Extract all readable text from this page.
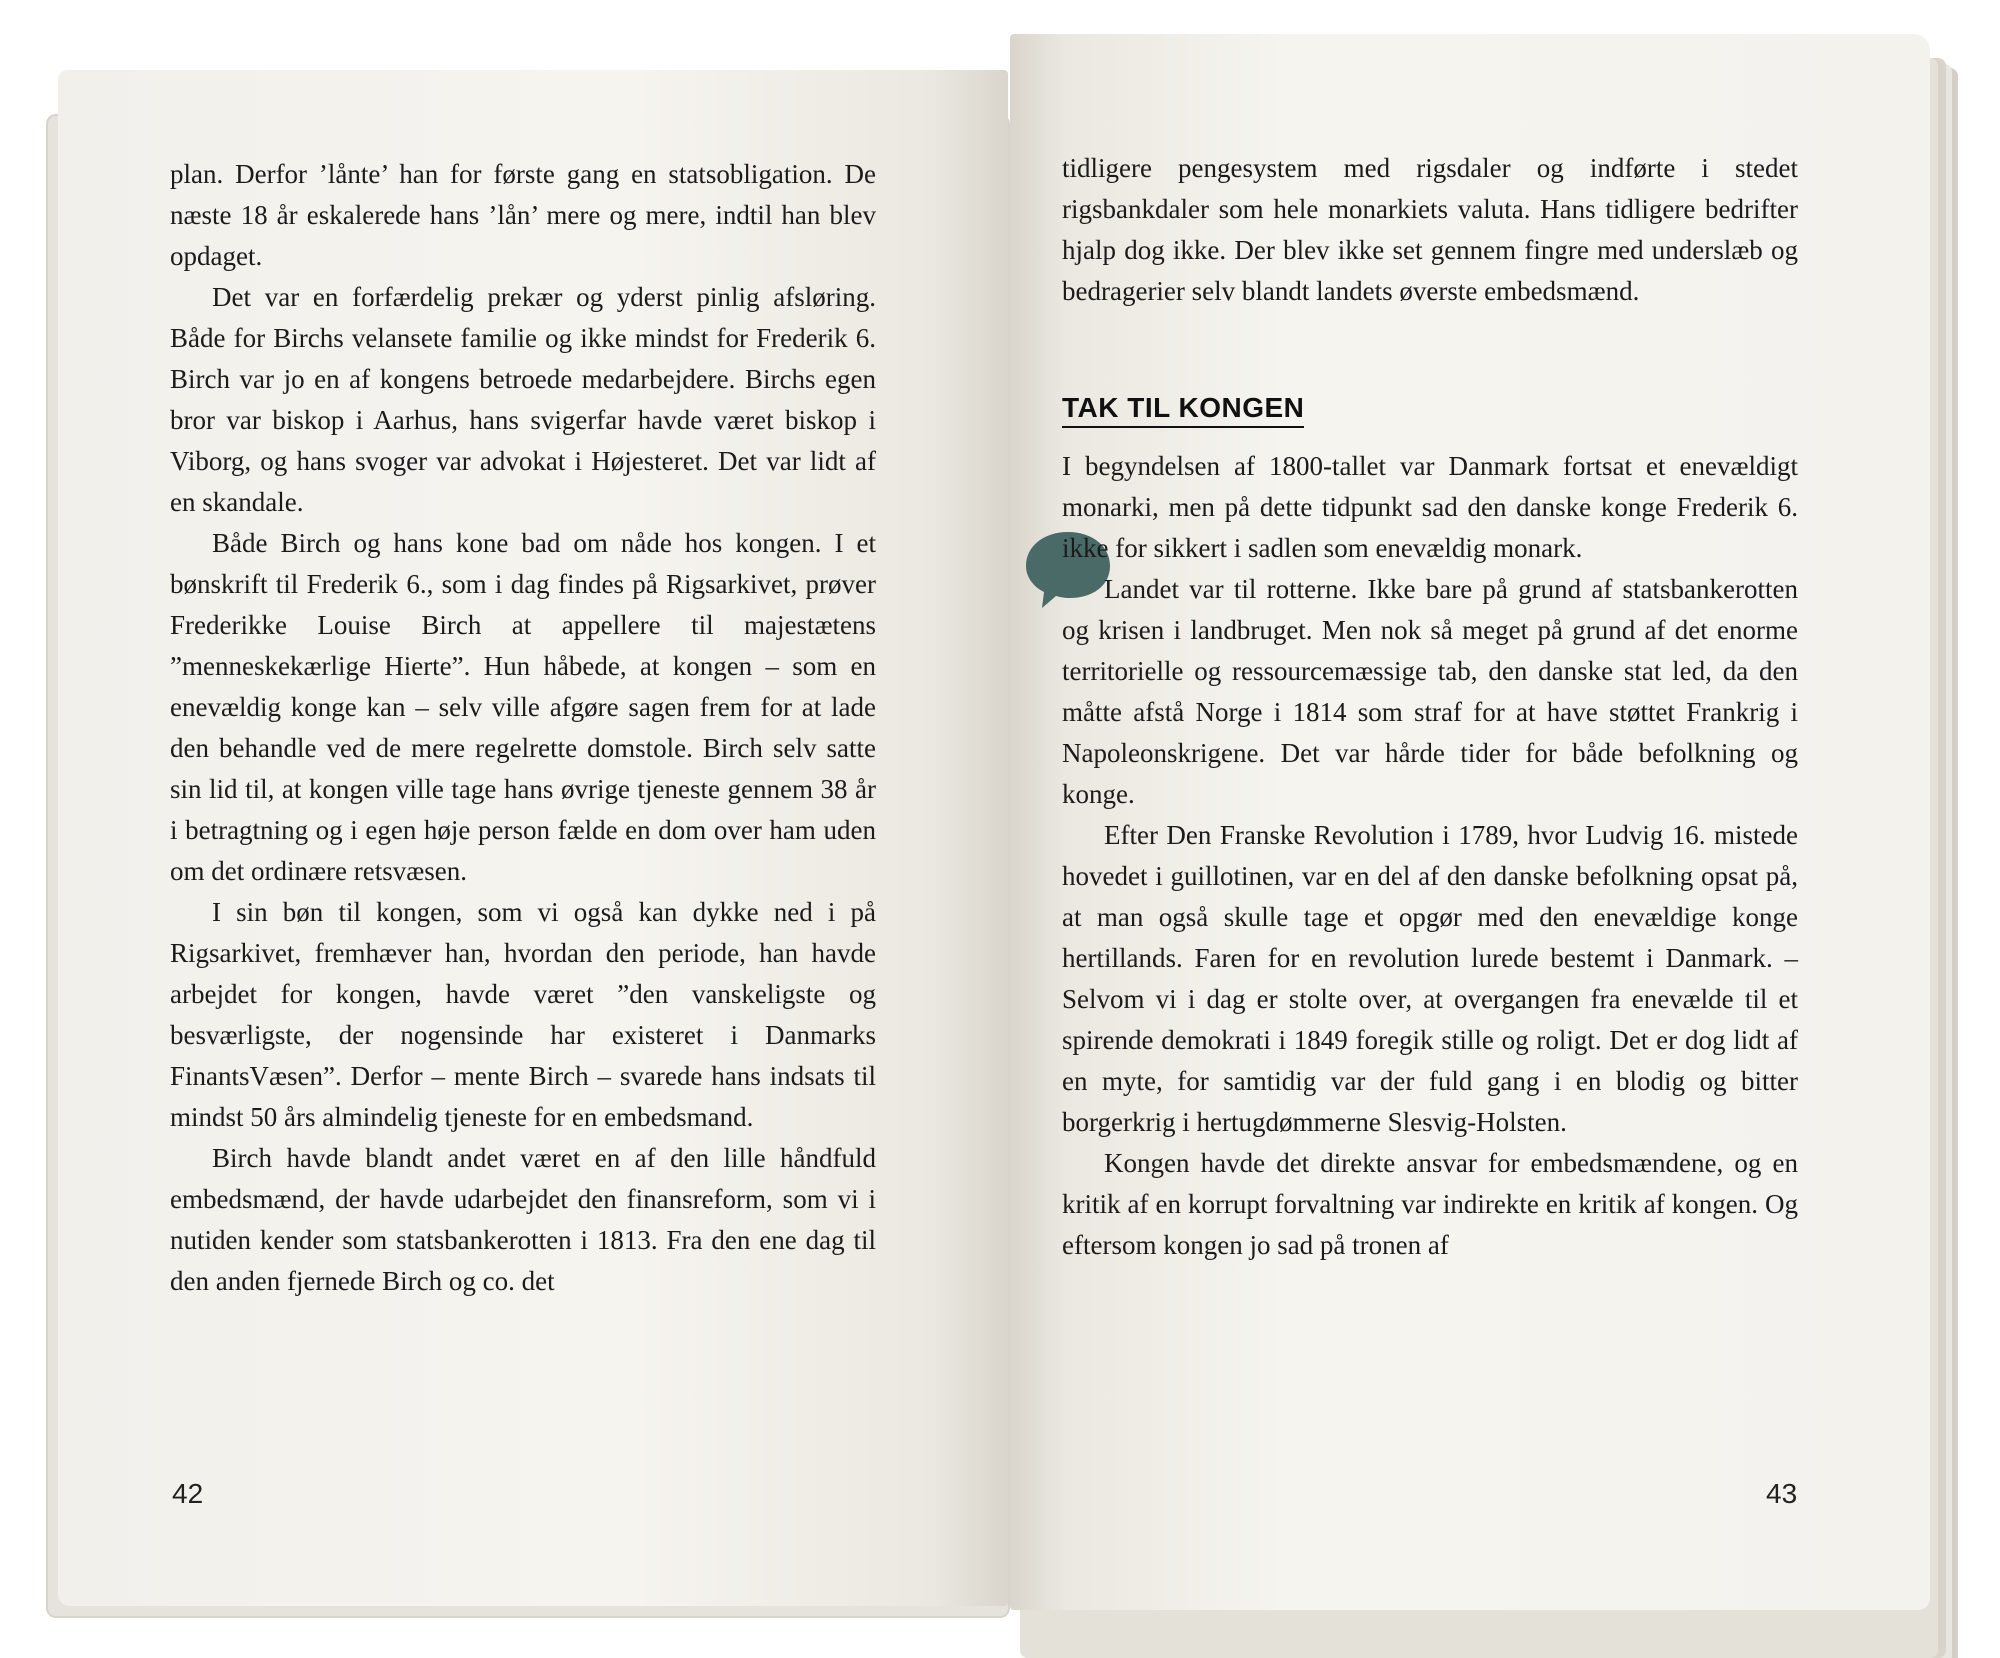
plan. Derfor ’lånte’ han for første gang en statsobligation. De næste 18 år eskalerede hans ’lån’ mere og mere, indtil han blev opdaget.

Det var en forfærdelig prekær og yderst pinlig afsløring. Både for Birchs velansete familie og ikke mindst for Frederik 6. Birch var jo en af kongens betroede medarbejdere. Birchs egen bror var biskop i Aarhus, hans svigerfar havde været biskop i Viborg, og hans svoger var advokat i Højesteret. Det var lidt af en skandale.

Både Birch og hans kone bad om nåde hos kongen. I et bønskrift til Frederik 6., som i dag findes på Rigsarkivet, prøver Frederikke Louise Birch at appellere til majestætens ”menneskekærlige Hierte”. Hun håbede, at kongen – som en enevældig konge kan – selv ville afgøre sagen frem for at lade den behandle ved de mere regelrette domstole. Birch selv satte sin lid til, at kongen ville tage hans øvrige tjeneste gennem 38 år i betragtning og i egen høje person fælde en dom over ham uden om det ordinære retsvæsen.

I sin bøn til kongen, som vi også kan dykke ned i på Rigsarkivet, fremhæver han, hvordan den periode, han havde arbejdet for kongen, havde været ”den vanskeligste og besværligste, der nogensinde har existeret i Danmarks FinantsVæsen”. Derfor – mente Birch – svarede hans indsats til mindst 50 års almindelig tjeneste for en embedsmand.

Birch havde blandt andet været en af den lille håndfuld embedsmænd, der havde udarbejdet den finansreform, som vi i nutiden kender som statsbankerotten i 1813. Fra den ene dag til den anden fjernede Birch og co. det

42

tidligere pengesystem med rigsdaler og indførte i stedet rigsbankdaler som hele monarkiets valuta. Hans tidligere bedrifter hjalp dog ikke. Der blev ikke set gennem fingre med underslæb og bedragerier selv blandt landets øverste embedsmænd.

TAK TIL KONGEN

I begyndelsen af 1800-tallet var Danmark fortsat et enevældigt monarki, men på dette tidpunkt sad den danske konge Frederik 6. ikke for sikkert i sadlen som enevældig monark.

Landet var til rotterne. Ikke bare på grund af statsbankerotten og krisen i landbruget. Men nok så meget på grund af det enorme territorielle og ressourcemæssige tab, den danske stat led, da den måtte afstå Norge i 1814 som straf for at have støttet Frankrig i Napoleonskrigene. Det var hårde tider for både befolkning og konge.

Efter Den Franske Revolution i 1789, hvor Ludvig 16. mistede hovedet i guillotinen, var en del af den danske befolkning opsat på, at man også skulle tage et opgør med den enevældige konge hertillands. Faren for en revolution lurede bestemt i Danmark. – Selvom vi i dag er stolte over, at overgangen fra enevælde til et spirende demokrati i 1849 foregik stille og roligt. Det er dog lidt af en myte, for samtidig var der fuld gang i en blodig og bitter borgerkrig i hertugdømmerne Slesvig-Holsten.

Kongen havde det direkte ansvar for embedsmændene, og en kritik af en korrupt forvaltning var indirekte en kritik af kongen. Og eftersom kongen jo sad på tronen af

43
